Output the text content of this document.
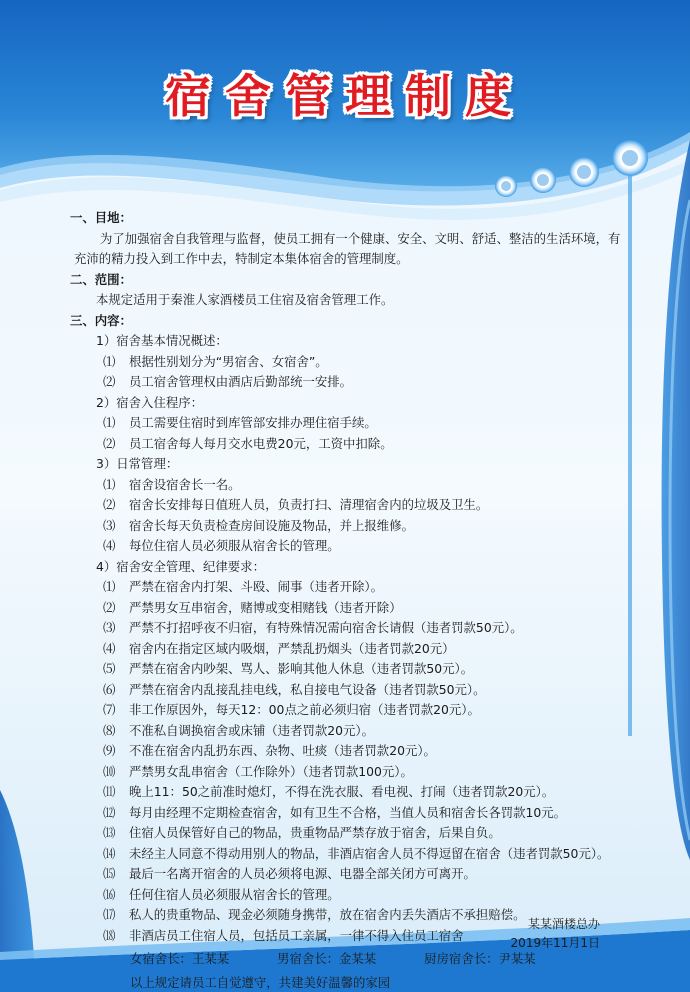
宿舍管理制度
一、目地：
为了加强宿舍自我管理与监督，使员工拥有一个健康、安全、文明、舒适、整洁的生活环境，有充沛的精力投入到工作中去，特制定本集体宿舍的管理制度。
二、范围：
本规定适用于秦淮人家酒楼员工住宿及宿舍管理工作。
三、内容：
1）宿舍基本情况概述：
⑴ 根据性别划分为“男宿舍、女宿舍”。
⑵ 员工宿舍管理权由酒店后勤部统一安排。
2）宿舍入住程序：
⑴ 员工需要住宿时到库管部安排办理住宿手续。
⑵ 员工宿舍每人每月交水电费20元，工资中扣除。
3）日常管理：
⑴ 宿舍设宿舍长一名。
⑵ 宿舍长安排每日值班人员，负责打扫、清理宿舍内的垃圾及卫生。
⑶ 宿舍长每天负责检查房间设施及物品，并上报维修。
⑷ 每位住宿人员必须服从宿舍长的管理。
4）宿舍安全管理、纪律要求：
⑴ 严禁在宿舍内打架、斗殴、闹事（违者开除）。
⑵ 严禁男女互串宿舍，赌博或变相赌钱（违者开除）
⑶ 严禁不打招呼夜不归宿，有特殊情况需向宿舍长请假（违者罚款50元）。
⑷ 宿舍内在指定区域内吸烟，严禁乱扔烟头（违者罚款20元）
⑸ 严禁在宿舍内吵架、骂人、影响其他人休息（违者罚款50元）。
⑹ 严禁在宿舍内乱接乱挂电线，私自接电气设备（违者罚款50元）。
⑺ 非工作原因外，每天12：00点之前必须归宿（违者罚款20元）。
⑻ 不准私自调换宿舍或床铺（违者罚款20元）。
⑼ 不准在宿舍内乱扔东西、杂物、吐痰（违者罚款20元）。
⑽ 严禁男女乱串宿舍（工作除外）（违者罚款100元）。
⑾ 晚上11：50之前准时熄灯，不得在洗衣服、看电视、打闹（违者罚款20元）。
⑿ 每月由经理不定期检查宿舍，如有卫生不合格，当值人员和宿舍长各罚款10元。
⒀ 住宿人员保管好自己的物品，贵重物品严禁存放于宿舍，后果自负。
⒁ 未经主人同意不得动用别人的物品，非酒店宿舍人员不得逗留在宿舍（违者罚款50元）。
⒂ 最后一名离开宿舍的人员必须将电源、电器全部关闭方可离开。
⒃ 任何住宿人员必须服从宿舍长的管理。
⒄ 私人的贵重物品、现金必须随身携带，放在宿舍内丢失酒店不承担赔偿。
⒅ 非酒店员工住宿人员，包括员工亲属，一律不得入住员工宿舍
女宿舍长：王某某	男宿舍长：金某某	厨房宿舍长：尹某某
以上规定请员工自觉遵守，共建美好温馨的家园
某某酒楼总办
2019年11月1日
